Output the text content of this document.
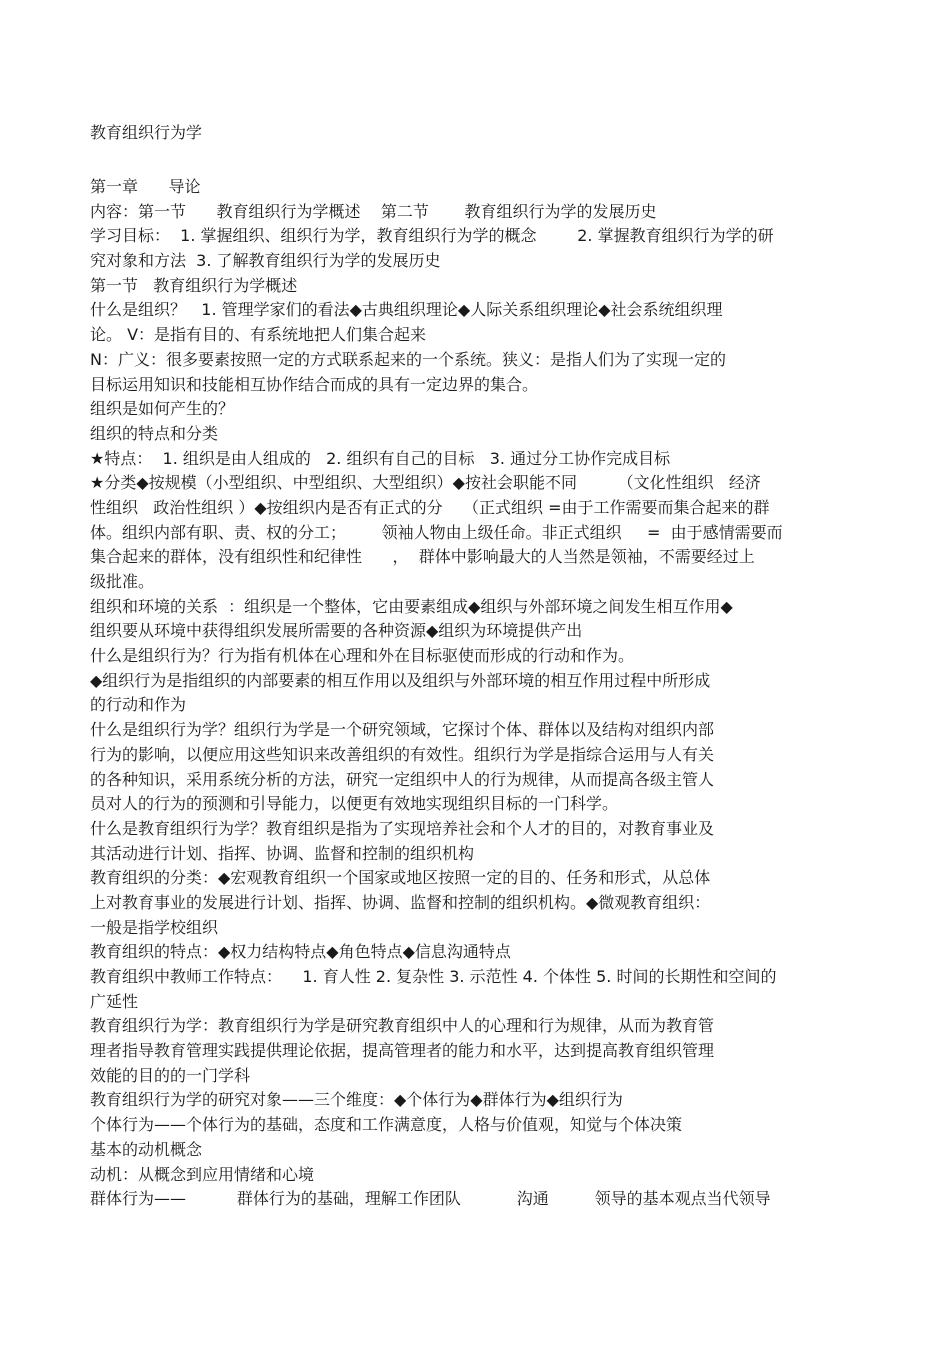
教育组织行为学
第一章      导论
内容：第一节      教育组织行为学概述    第二节       教育组织行为学的发展历史
学习目标：  1. 掌握组织、组织行为学，教育组织行为学的概念        2. 掌握教育组织行为学的研
究对象和方法  3. 了解教育组织行为学的发展历史
第一节   教育组织行为学概述
什么是组织？   1. 管理学家们的看法◆古典组织理论◆人际关系组织理论◆社会系统组织理
论。 V：是指有目的、有系统地把人们集合起来
N：广义：很多要素按照一定的方式联系起来的一个系统。狭义：是指人们为了实现一定的
目标运用知识和技能相互协作结合而成的具有一定边界的集合。
组织是如何产生的？
组织的特点和分类
★特点：  1. 组织是由人组成的   2. 组织有自己的目标   3. 通过分工协作完成目标
★分类◆按规模（小型组织、中型组织、大型组织）◆按社会职能不同        （文化性组织   经济
性组织   政治性组织 ）◆按组织内是否有正式的分    （正式组织 =由于工作需要而集合起来的群
体。组织内部有职、责、权的分工；       领袖人物由上级任命。非正式组织     =  由于感情需要而
集合起来的群体，没有组织性和纪律性      ，  群体中影响最大的人当然是领袖，不需要经过上
级批准。
组织和环境的关系  ：组织是一个整体，它由要素组成◆组织与外部环境之间发生相互作用◆
组织要从环境中获得组织发展所需要的各种资源◆组织为环境提供产出
什么是组织行为？行为指有机体在心理和外在目标驱使而形成的行动和作为。
◆组织行为是指组织的内部要素的相互作用以及组织与外部环境的相互作用过程中所形成
的行动和作为
什么是组织行为学？组织行为学是一个研究领域，它探讨个体、群体以及结构对组织内部
行为的影响，以便应用这些知识来改善组织的有效性。组织行为学是指综合运用与人有关
的各种知识，采用系统分析的方法，研究一定组织中人的行为规律，从而提高各级主管人
员对人的行为的预测和引导能力，以便更有效地实现组织目标的一门科学。
什么是教育组织行为学？教育组织是指为了实现培养社会和个人才的目的，对教育事业及
其活动进行计划、指挥、协调、监督和控制的组织机构
教育组织的分类：◆宏观教育组织一个国家或地区按照一定的目的、任务和形式，从总体
上对教育事业的发展进行计划、指挥、协调、监督和控制的组织机构。◆微观教育组织：
一般是指学校组织
教育组织的特点：◆权力结构特点◆角色特点◆信息沟通特点
教育组织中教师工作特点：    1. 育人性 2. 复杂性 3. 示范性 4. 个体性 5. 时间的长期性和空间的
广延性
教育组织行为学：教育组织行为学是研究教育组织中人的心理和行为规律，从而为教育管
理者指导教育管理实践提供理论依据，提高管理者的能力和水平，达到提高教育组织管理
效能的目的的一门学科
教育组织行为学的研究对象——三个维度：◆个体行为◆群体行为◆组织行为
个体行为——个体行为的基础，态度和工作满意度，人格与价值观，知觉与个体决策
基本的动机概念
动机：从概念到应用情绪和心境
群体行为——          群体行为的基础，理解工作团队           沟通         领导的基本观点当代领导
